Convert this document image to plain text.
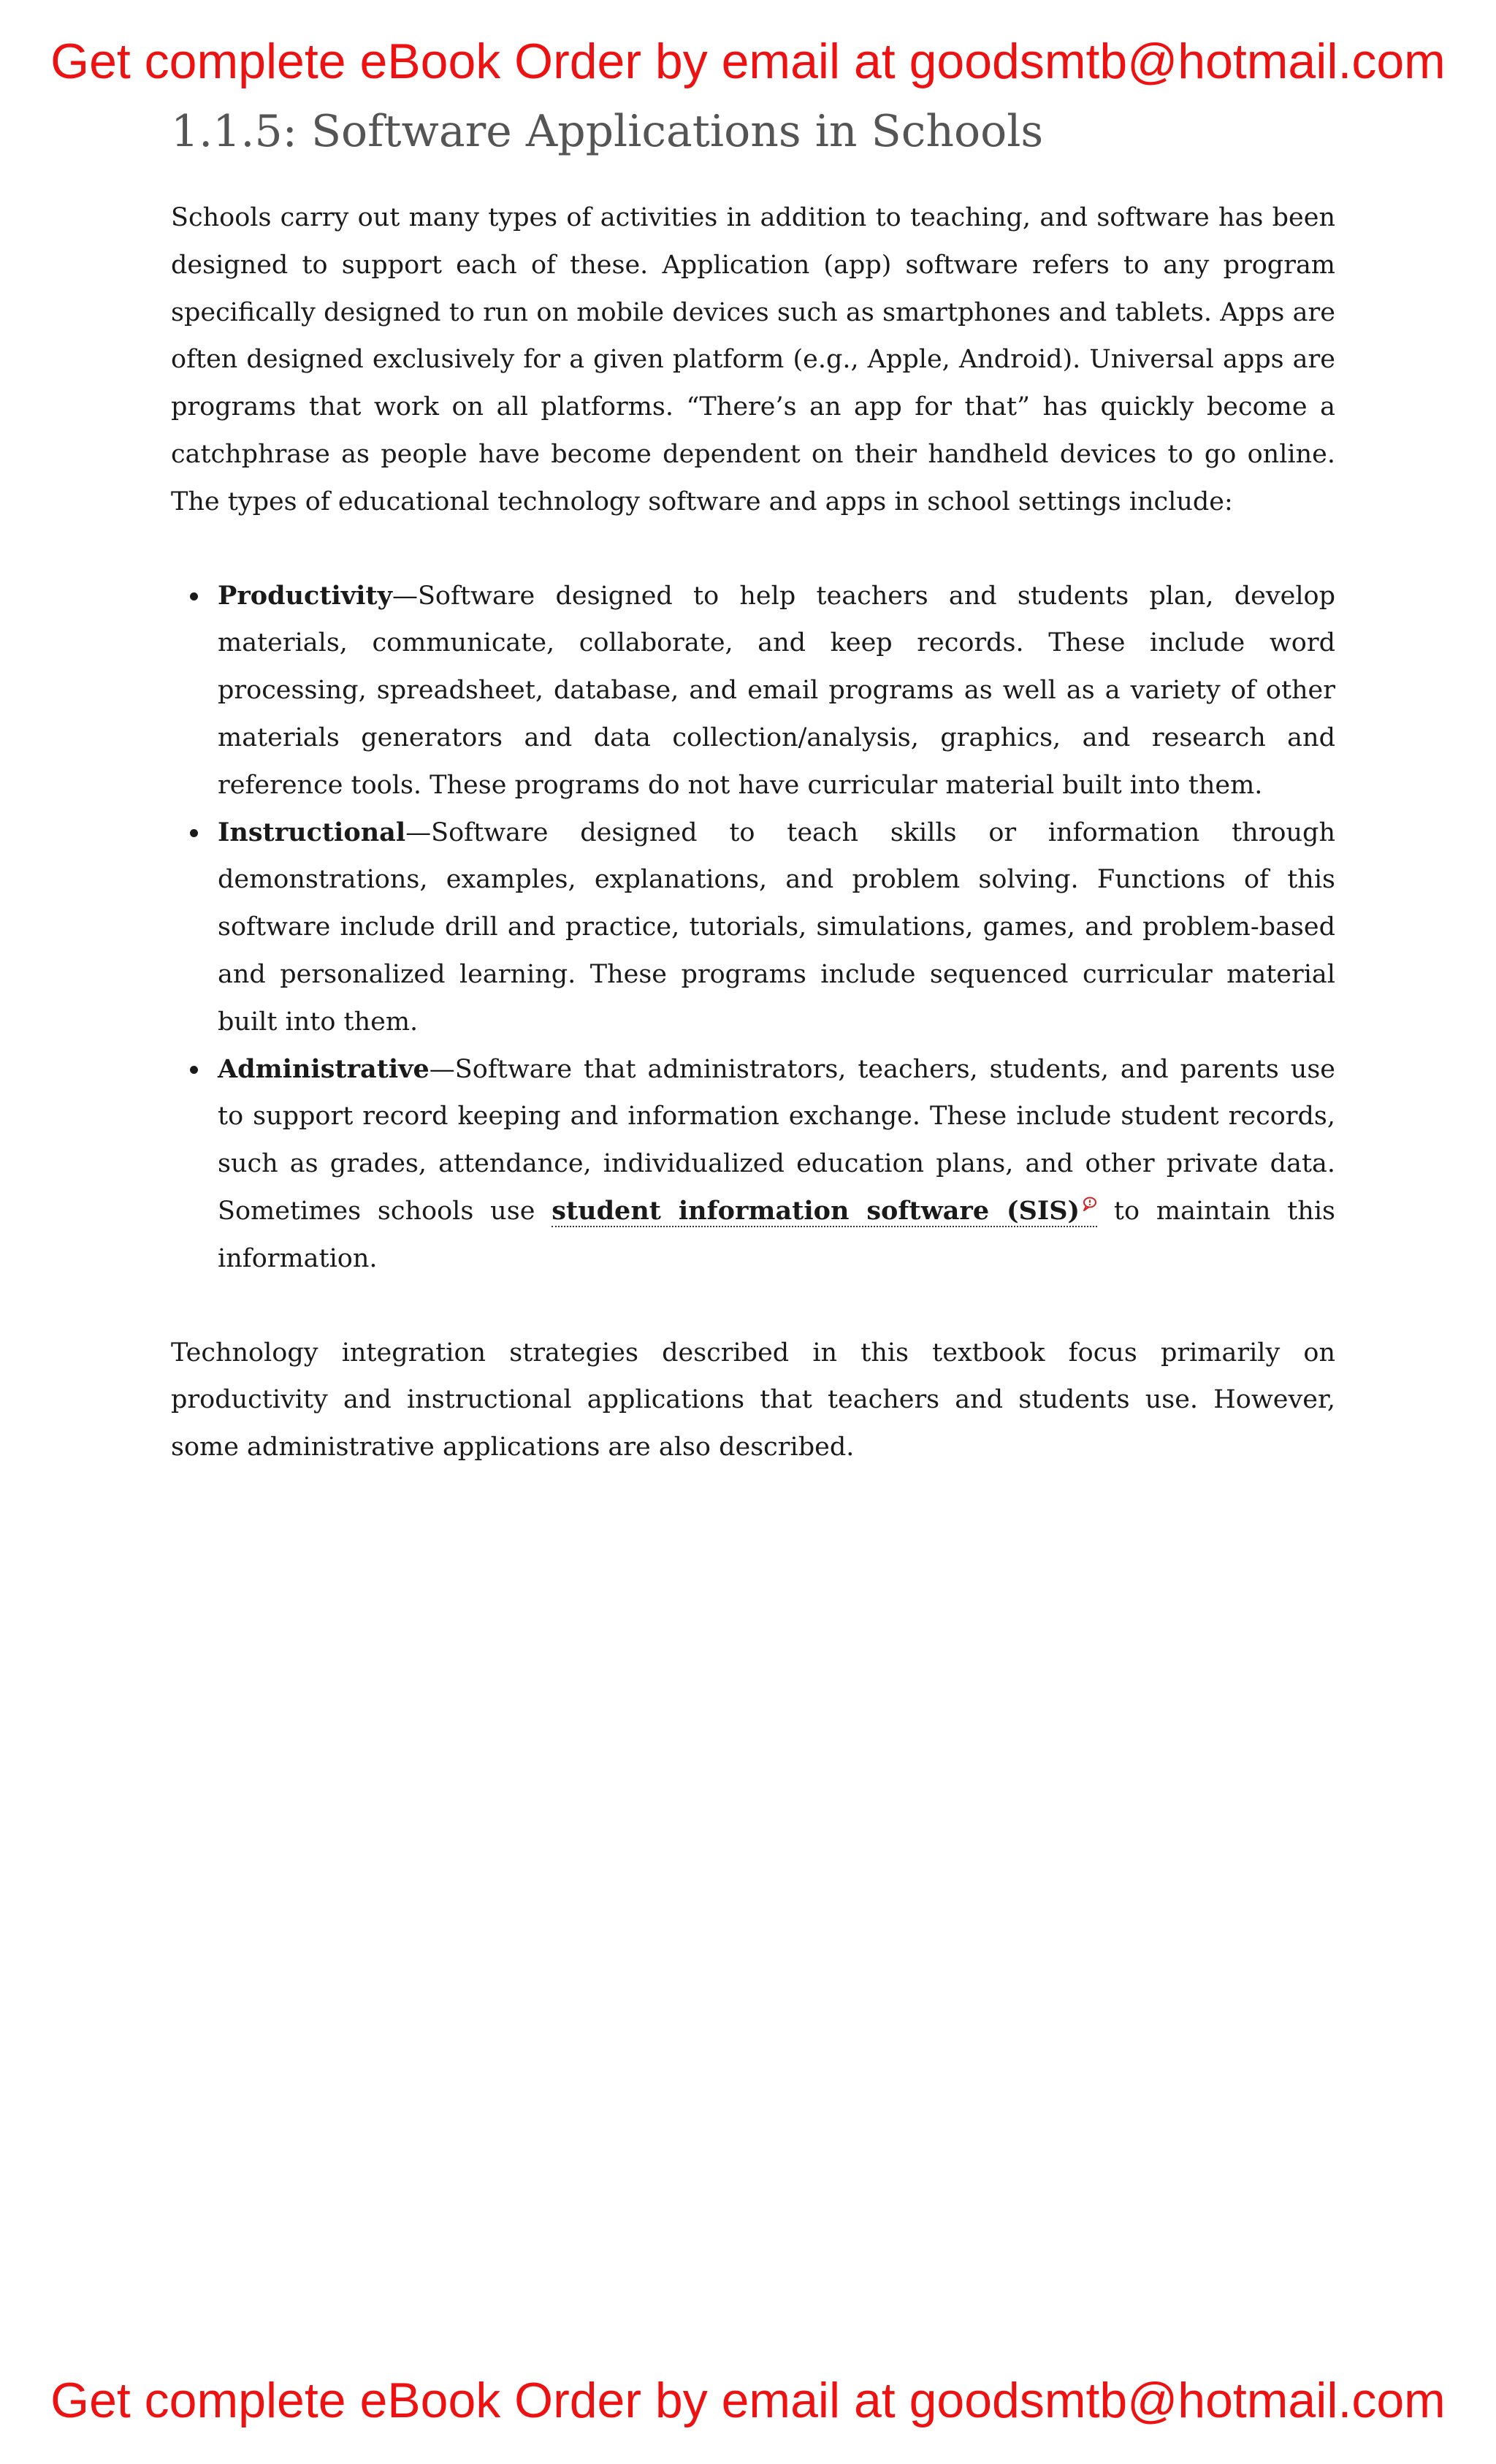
Get complete eBook Order by email at goodsmtb@hotmail.com
1.1.5: Software Applications in Schools

Schools carry out many types of activities in addition to teaching, and software has been designed to support each of these. Application (app) software refers to any program specifically designed to run on mobile devices such as smartphones and tablets. Apps are often designed exclusively for a given platform (e.g., Apple, Android). Universal apps are programs that work on all platforms. “There’s an app for that” has quickly become a catchphrase as people have become dependent on their handheld devices to go online. The types of educational technology software and apps in school settings include:

Productivity—Software designed to help teachers and students plan, develop materials, communicate, collaborate, and keep records. These include word processing, spreadsheet, database, and email programs as well as a variety of other materials generators and data collection/analysis, graphics, and research and reference tools. These programs do not have curricular material built into them.
Instructional—Software designed to teach skills or information through demonstrations, examples, explanations, and problem solving. Functions of this software include drill and practice, tutorials, simulations, games, and problem-based and personalized learning. These programs include sequenced curricular material built into them.
Administrative—Software that administrators, teachers, students, and parents use to support record keeping and information exchange. These include student records, such as grades, attendance, individualized education plans, and other private data. Sometimes schools use student information software (SIS) to maintain this information.

Technology integration strategies described in this textbook focus primarily on productivity and instructional applications that teachers and students use. However, some administrative applications are also described.

Get complete eBook Order by email at goodsmtb@hotmail.com
